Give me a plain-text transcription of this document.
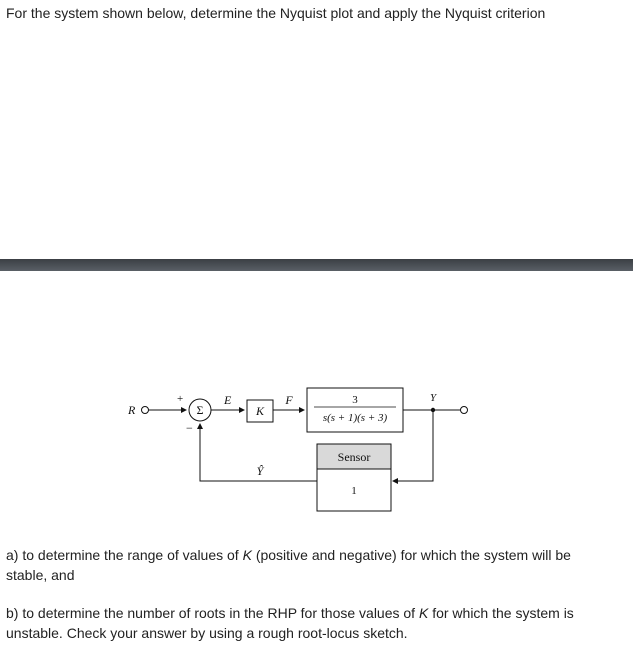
For the system shown below, determine the Nyquist plot and apply the Nyquist criterion
R
+
Σ
−
E
K
F	3
s(s + 1)(s + 3)
Y
Sensor
1
Ŷ
a) to determine the range of values of K (positive and negative) for which the system will be stable, and
b) to determine the number of roots in the RHP for those values of K for which the system is unstable. Check your answer by using a rough root-locus sketch.
